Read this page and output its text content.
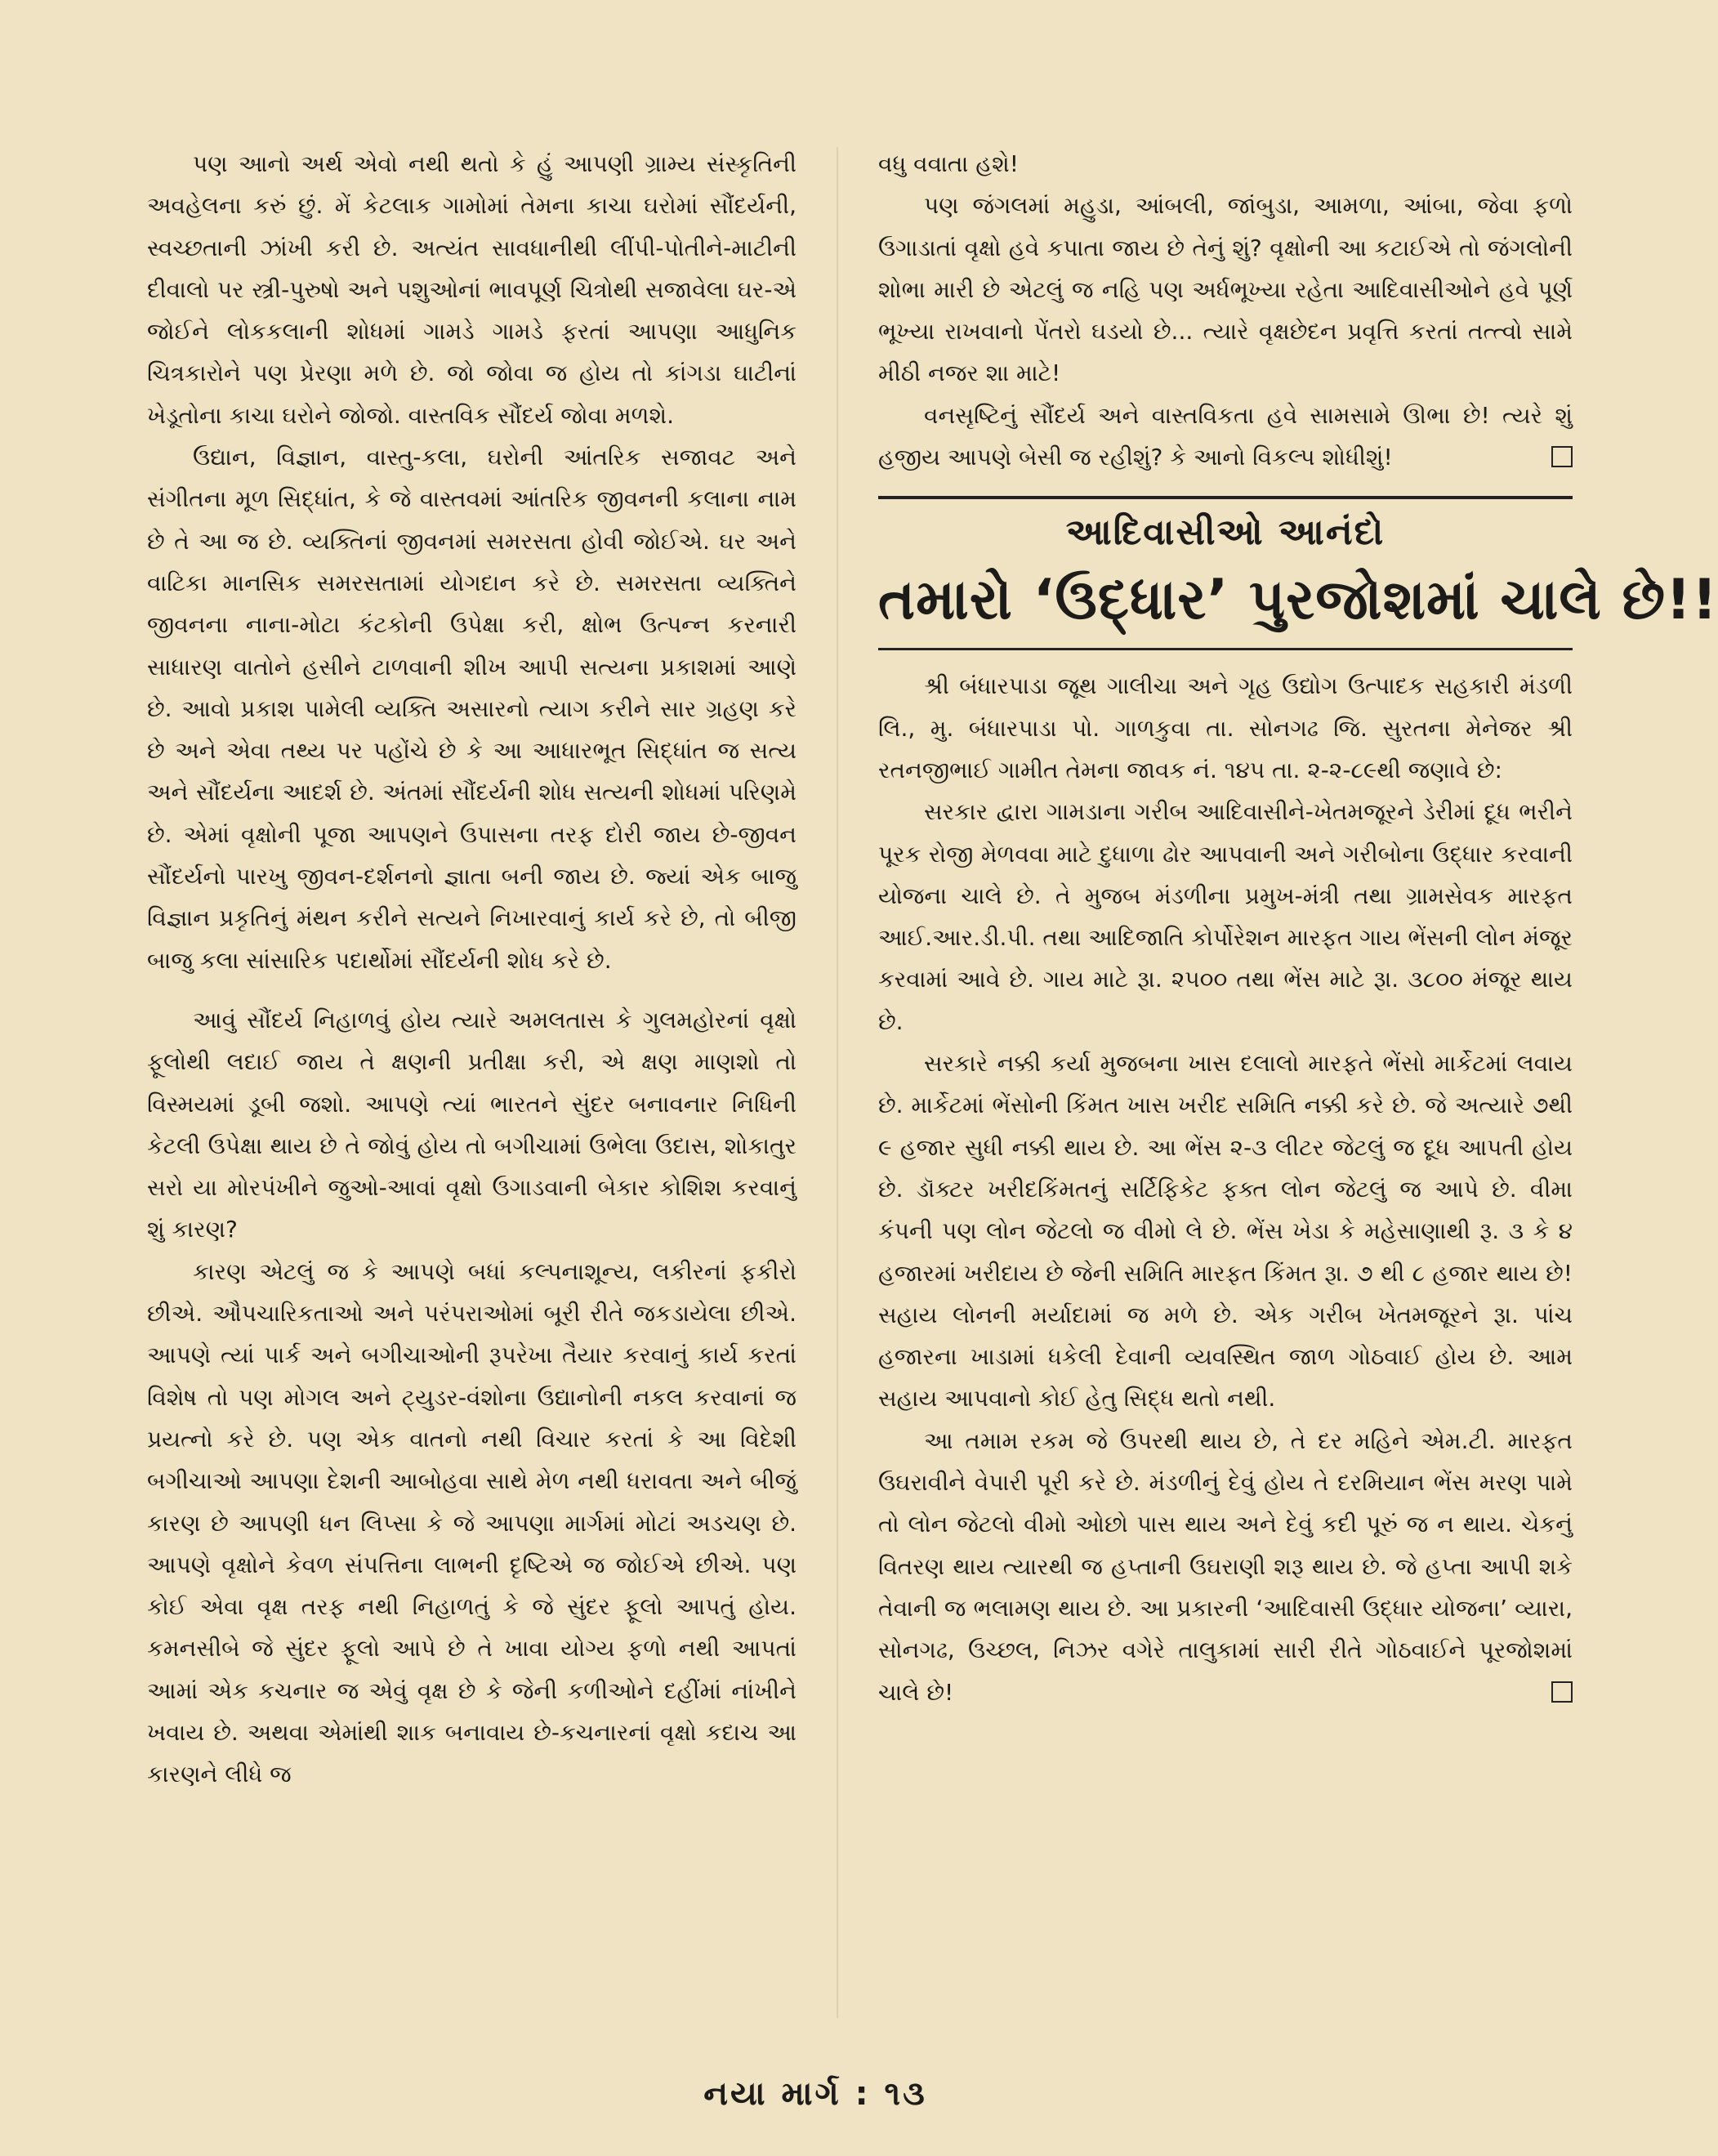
પણ આનો અર્થ એવો નથી થતો કે હું આપણી ગ્રામ્ય સંસ્કૃતિની અવહેલના કરું છું. મેં કેટલાક ગામોમાં તેમના કાચા ઘરોમાં સૌંદર્યની, સ્વચ્છતાની ઝાંખી કરી છે. અત્યંત સાવધાનીથી લીંપી-પોતીને-માટીની દીવાલો પર સ્ત્રી-પુરુષો અને પશુઓનાં ભાવપૂર્ણ ચિત્રોથી સજાવેલા ઘર-એ જોઈને લોકકલાની શોધમાં ગામડે ગામડે ફરતાં આપણા આધુનિક ચિત્રકારોને પણ પ્રેરણા મળે છે. જો જોવા જ હોય તો કાંગડા ઘાટીનાં ખેડૂતોના કાચા ઘરોને જોજો. વાસ્તવિક સૌંદર્ય જોવા મળશે.

ઉદ્યાન, વિજ્ઞાન, વાસ્તુ-કલા, ઘરોની આંતરિક સજાવટ અને સંગીતના મૂળ સિદ્ધાંત, કે જે વાસ્તવમાં આંતરિક જીવનની કલાના નામ છે તે આ જ છે. વ્યક્તિનાં જીવનમાં સમરસતા હોવી જોઈએ. ઘર અને વાટિકા માનસિક સમરસતામાં યોગદાન કરે છે. સમરસતા વ્યક્તિને જીવનના નાના-મોટા કંટકોની ઉપેક્ષા કરી, ક્ષોભ ઉત્પન્ન કરનારી સાધારણ વાતોને હસીને ટાળવાની શીખ આપી સત્યના પ્રકાશમાં આણે છે. આવો પ્રકાશ પામેલી વ્યક્તિ અસારનો ત્યાગ કરીને સાર ગ્રહણ કરે છે અને એવા તથ્ય પર પહોંચે છે કે આ આધારભૂત સિદ્ધાંત જ સત્ય અને સૌંદર્યના આદર્શ છે. અંતમાં સૌંદર્યની શોધ સત્યની શોધમાં પરિણમે છે. એમાં વૃક્ષોની પૂજા આપણને ઉપાસના તરફ દોરી જાય છે-જીવન સૌંદર્યનો પારખુ જીવન-દર્શનનો જ્ઞાતા બની જાય છે. જ્યાં એક બાજુ વિજ્ઞાન પ્રકૃતિનું મંથન કરીને સત્યને નિખારવાનું કાર્ય કરે છે, તો બીજી બાજુ કલા સાંસારિક પદાર્થોમાં સૌંદર્યની શોધ કરે છે.

આવું સૌંદર્ય નિહાળવું હોય ત્યારે અમલતાસ કે ગુલમહોરનાં વૃક્ષો ફૂલોથી લદાઈ જાય તે ક્ષણની પ્રતીક્ષા કરી, એ ક્ષણ માણશો તો વિસ્મયમાં ડૂબી જશો. આપણે ત્યાં ભારતને સુંદર બનાવનાર નિધિની કેટલી ઉપેક્ષા થાય છે તે જોવું હોય તો બગીચામાં ઉભેલા ઉદાસ, શોકાતુર સરો યા મોરપંખીને જુઓ-આવાં વૃક્ષો ઉગાડવાની બેકાર કોશિશ કરવાનું શું કારણ?

કારણ એટલું જ કે આપણે બધાં કલ્પનાશૂન્ય, લકીરનાં ફકીરો છીએ. ઔપચારિકતાઓ અને પરંપરાઓમાં બૂરી રીતે જકડાયેલા છીએ. આપણે ત્યાં પાર્ક અને બગીચાઓની રૂપરેખા તૈયાર કરવાનું કાર્ય કરતાં વિશેષ તો પણ મોગલ અને ટ્યુડર-વંશોના ઉદ્યાનોની નકલ કરવાનાં જ પ્રયત્નો કરે છે. પણ એક વાતનો નથી વિચાર કરતાં કે આ વિદેશી બગીચાઓ આપણા દેશની આબોહવા સાથે મેળ નથી ધરાવતા અને બીજું કારણ છે આપણી ધન લિપ્સા કે જે આપણા માર્ગમાં મોટાં અડચણ છે. આપણે વૃક્ષોને કેવળ સંપત્તિના લાભની દૃષ્ટિએ જ જોઈએ છીએ. પણ કોઈ એવા વૃક્ષ તરફ નથી નિહાળતું કે જે સુંદર ફૂલો આપતું હોય. કમનસીબે જે સુંદર ફૂલો આપે છે તે ખાવા યોગ્ય ફળો નથી આપતાં આમાં એક કચનાર જ એવું વૃક્ષ છે કે જેની કળીઓને દહીંમાં નાંખીને ખવાય છે. અથવા એમાંથી શાક બનાવાય છે-કચનારનાં વૃક્ષો કદાચ આ કારણને લીધે જ

વધુ વવાતા હશે!

પણ જંગલમાં મહુડા, આંબલી, જાંબુડા, આમળા, આંબા, જેવા ફળો ઉગાડાતાં વૃક્ષો હવે કપાતા જાય છે તેનું શું? વૃક્ષોની આ કટાઈએ તો જંગલોની શોભા મારી છે એટલું જ નહિ પણ અર્ધભૂખ્યા રહેતા આદિવાસીઓને હવે પૂર્ણ ભૂખ્યા રાખવાનો પેંતરો ઘડયો છે... ત્યારે વૃક્ષછેદન પ્રવૃત્તિ કરતાં તત્ત્વો સામે મીઠી નજર શા માટે!

વનસૃષ્ટિનું સૌંદર્ય અને વાસ્તવિકતા હવે સામસામે ઊભા છે! ત્યરે શું હજીય આપણે બેસી જ રહીશું? કે આનો વિકલ્પ શોધીશું!

આદિવાસીઓ આનંદો
તમારો ‘ઉદ્ધાર’ પુરજોશમાં ચાલે છે!!

શ્રી બંધારપાડા જૂથ ગાલીચા અને ગૃહ ઉદ્યોગ ઉત્પાદક સહકારી મંડળી લિ., મુ. બંધારપાડા પો. ગાળકુવા તા. સોનગઢ જિ. સુરતના મેનેજર શ્રી રતનજીભાઈ ગામીત તેમના જાવક નં. ૧૪૫ તા. ૨-૨-૮૯થી જણાવે છે:

સરકાર દ્વારા ગામડાના ગરીબ આદિવાસીને-ખેતમજૂરને ડેરીમાં દૂધ ભરીને પૂરક રોજી મેળવવા માટે દુધાળા ઢોર આપવાની અને ગરીબોના ઉદ્ધાર કરવાની યોજના ચાલે છે. તે મુજબ મંડળીના પ્રમુખ-મંત્રી તથા ગ્રામસેવક મારફત આઈ.આર.ડી.પી. તથા આદિજાતિ કોર્પોરેશન મારફત ગાય ભેંસની લોન મંજૂર કરવામાં આવે છે. ગાય માટે રૂા. ૨૫૦૦ તથા ભેંસ માટે રૂા. ૩૮૦૦ મંજૂર થાય છે.

સરકારે નક્કી કર્યા મુજબના ખાસ દલાલો મારફતે ભેંસો માર્કેટમાં લવાય છે. માર્કેટમાં ભેંસોની કિંમત ખાસ ખરીદ સમિતિ નક્કી કરે છે. જે અત્યારે ૭થી ૯ હજાર સુધી નક્કી થાય છે. આ ભેંસ ૨-૩ લીટર જેટલું જ દૂધ આપતી હોય છે. ડૉક્ટર ખરીદકિંમતનું સર્ટિફિકેટ ફક્ત લોન જેટલું જ આપે છે. વીમા કંપની પણ લોન જેટલો જ વીમો લે છે. ભેંસ ખેડા કે મહેસાણાથી રૂ. ૩ કે ૪ હજારમાં ખરીદાય છે જેની સમિતિ મારફત કિંમત રૂા. ૭ થી ૮ હજાર થાય છે! સહાય લોનની મર્યાદામાં જ મળે છે. એક ગરીબ ખેતમજૂરને રૂા. પાંચ હજારના ખાડામાં ધકેલી દેવાની વ્યવસ્થિત જાળ ગોઠવાઈ હોય છે. આમ સહાય આપવાનો કોઈ હેતુ સિદ્ધ થતો નથી.

આ તમામ રકમ જે ઉપરથી થાય છે, તે દર મહિને એમ.ટી. મારફત ઉઘરાવીને વેપારી પૂરી કરે છે. મંડળીનું દેવું હોય તે દરમિયાન ભેંસ મરણ પામે તો લોન જેટલો વીમો ઓછો પાસ થાય અને દેવું કદી પૂરું જ ન થાય. ચેકનું વિતરણ થાય ત્યારથી જ હપ્તાની ઉઘરાણી શરૂ થાય છે. જે હપ્તા આપી શકે તેવાની જ ભલામણ થાય છે. આ પ્રકારની ‘આદિવાસી ઉદ્ધાર યોજના’ વ્યારા, સોનગઢ, ઉચ્છલ, નિઝર વગેરે તાલુકામાં સારી રીતે ગોઠવાઈને પૂરજોશમાં ચાલે છે!

નયા માર્ગ : ૧૩
